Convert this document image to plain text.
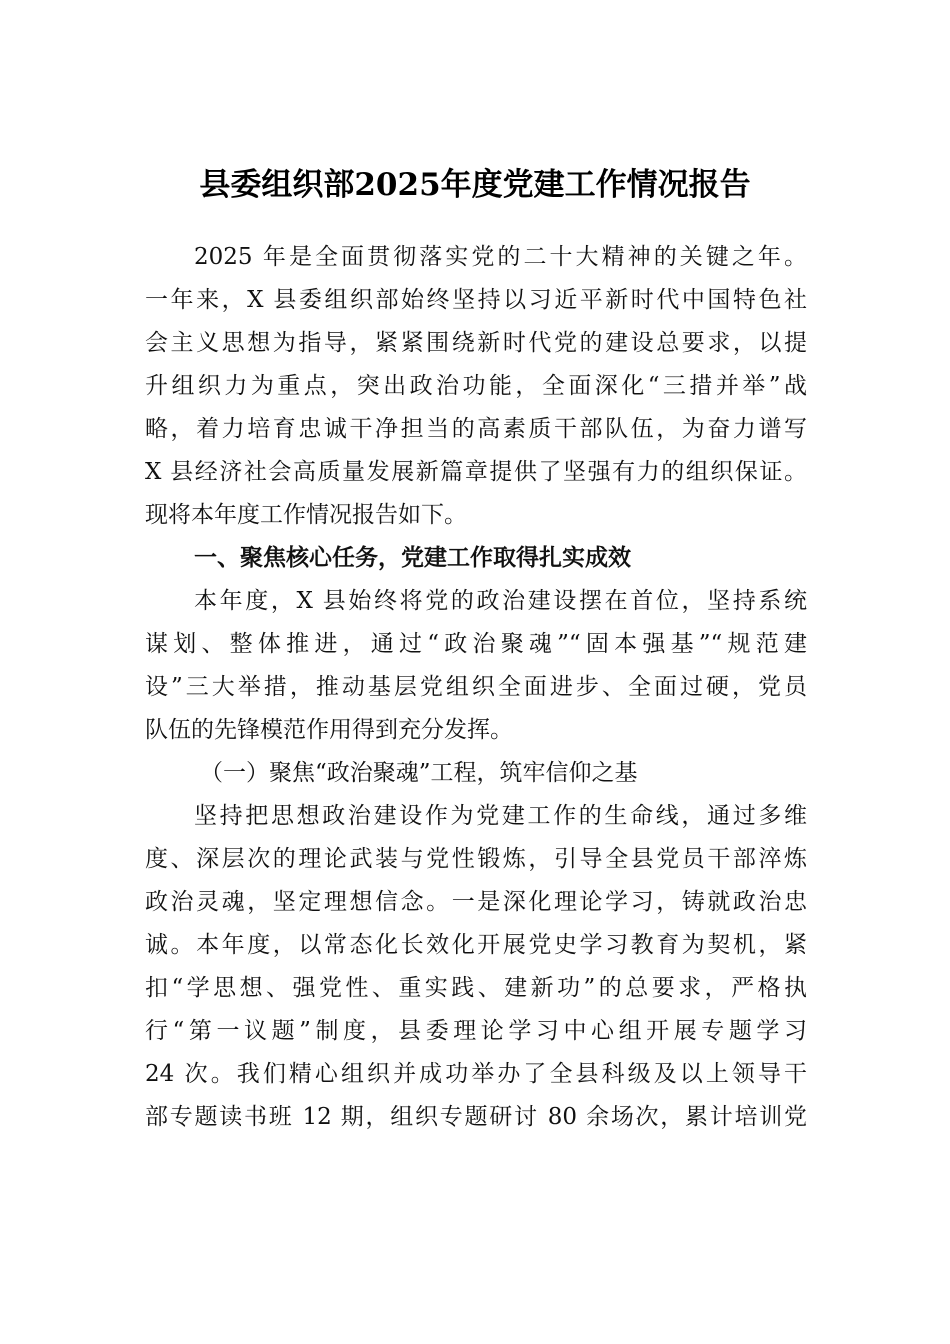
县委组织部2025年度党建工作情况报告
2025 年是全面贯彻落实党的二十大精神的关键之年。
一年来，X 县委组织部始终坚持以习近平新时代中国特色社
会主义思想为指导，紧紧围绕新时代党的建设总要求，以提
升组织力为重点，突出政治功能，全面深化“三措并举”战
略，着力培育忠诚干净担当的高素质干部队伍，为奋力谱写
X 县经济社会高质量发展新篇章提供了坚强有力的组织保证。
现将本年度工作情况报告如下。
一、聚焦核心任务，党建工作取得扎实成效
本年度，X 县始终将党的政治建设摆在首位，坚持系统
谋划、整体推进，通过“政治聚魂”“固本强基”“规范建
设”三大举措，推动基层党组织全面进步、全面过硬，党员
队伍的先锋模范作用得到充分发挥。
（一）聚焦“政治聚魂”工程，筑牢信仰之基
坚持把思想政治建设作为党建工作的生命线，通过多维
度、深层次的理论武装与党性锻炼，引导全县党员干部淬炼
政治灵魂，坚定理想信念。一是深化理论学习，铸就政治忠
诚。本年度，以常态化长效化开展党史学习教育为契机，紧
扣“学思想、强党性、重实践、建新功”的总要求，严格执
行“第一议题”制度，县委理论学习中心组开展专题学习
24 次。我们精心组织并成功举办了全县科级及以上领导干
部专题读书班 12 期，组织专题研讨 80 余场次，累计培训党
